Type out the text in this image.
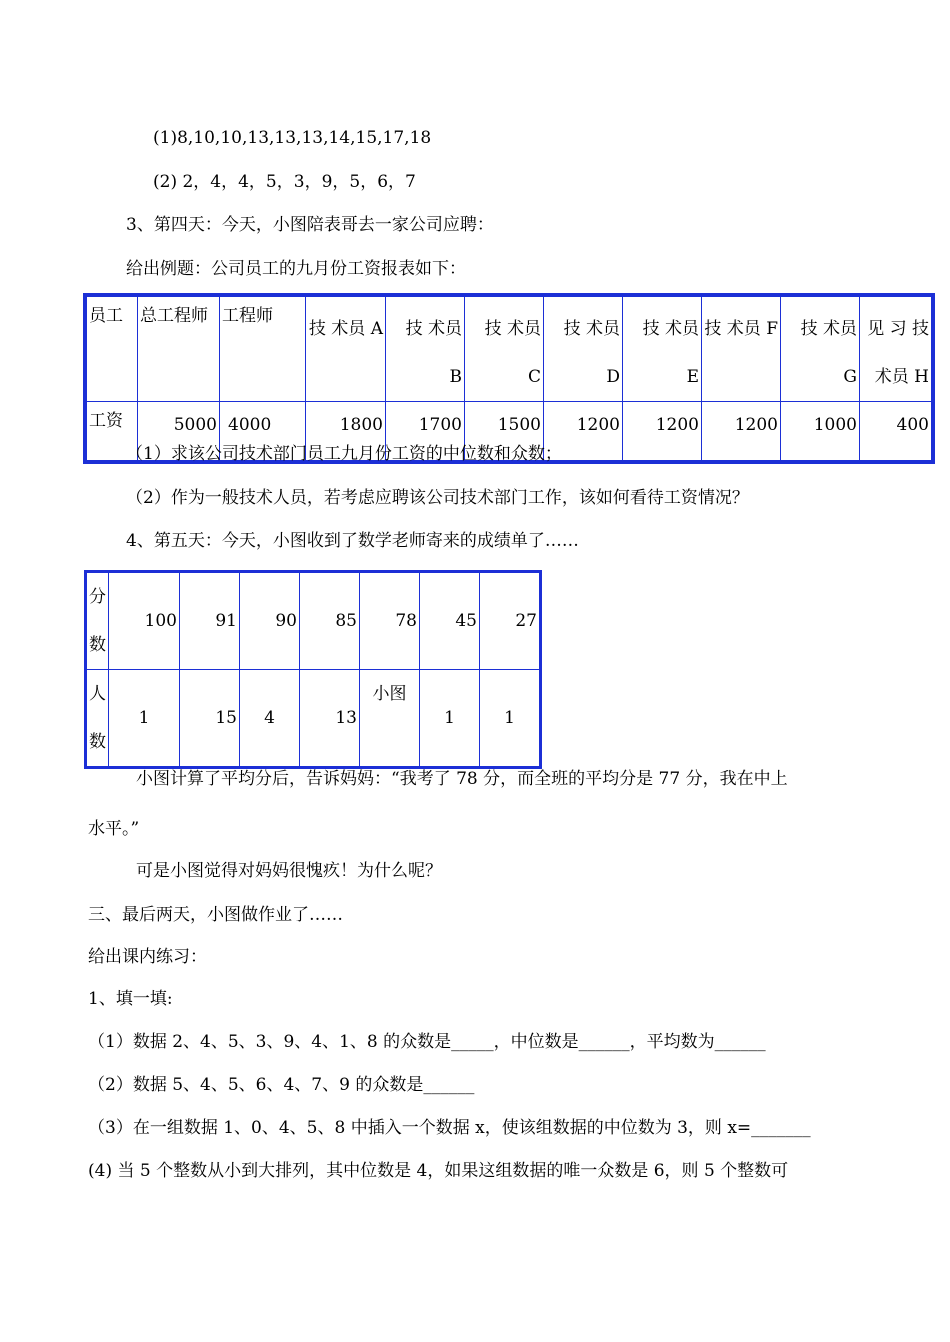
(1)8,10,10,13,13,13,14,15,17,18
(2) 2，4，4，5，3，9，5，6，7
3、第四天：今天，小图陪表哥去一家公司应聘：
给出例题：公司员工的九月份工资报表如下：
员工	总工程师	工程师	技 术员 A	技 术员 B	技 术员 C	技 术员 D	技 术员 E	技 术员 F	技 术员 G	见 习 技术员 H
工资	5000	4000	1800	1700	1500	1200	1200	1200	1000	400
（1）求该公司技术部门员工九月份工资的中位数和众数；
（2）作为一般技术人员，若考虑应聘该公司技术部门工作，该如何看待工资情况？
4、第五天：今天，小图收到了数学老师寄来的成绩单了……
分数	100	91	90	85	78	45	27
人数	1	15	4	13	小图	1	1
小图计算了平均分后，告诉妈妈：“我考了 78 分，而全班的平均分是 77 分，我在中上
水平。”
可是小图觉得对妈妈很愧疚！为什么呢？
三、最后两天，小图做作业了……
给出课内练习：
1、填一填:
（1）数据 2、4、5、3、9、4、1、8 的众数是_____，中位数是______，平均数为______
（2）数据 5、4、5、6、4、7、9 的众数是______
（3）在一组数据 1、0、4、5、8 中插入一个数据 x，使该组数据的中位数为 3，则 x=_______
(4) 当 5 个整数从小到大排列，其中位数是 4，如果这组数据的唯一众数是 6，则 5 个整数可
